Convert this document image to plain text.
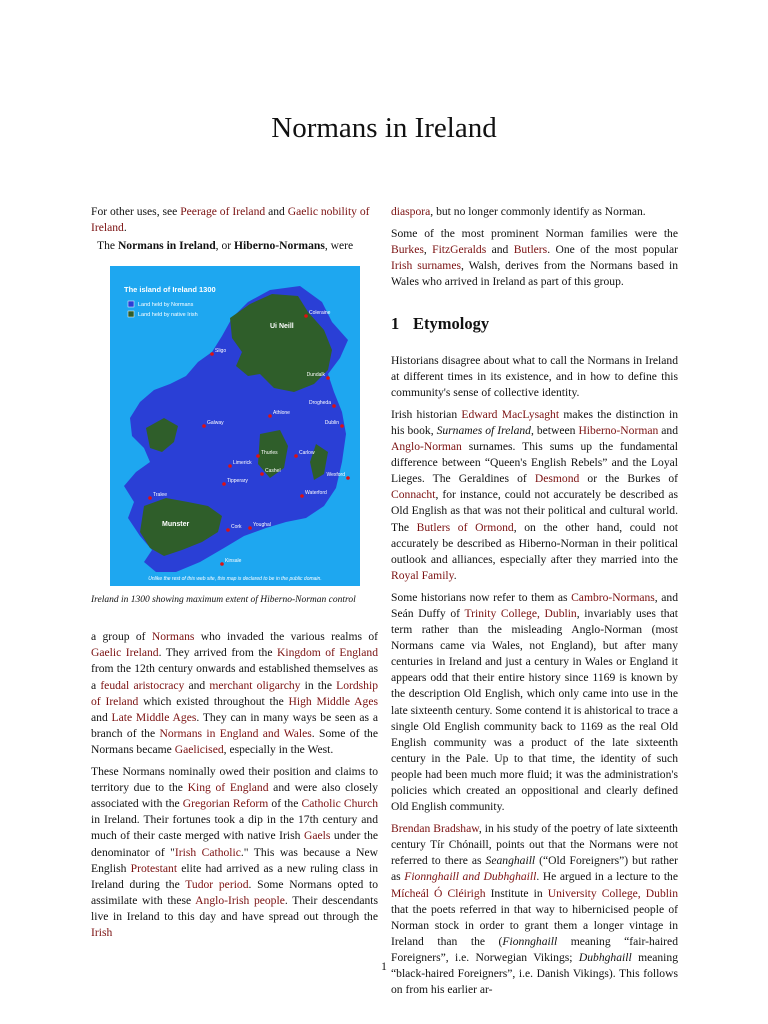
Normans in Ireland

For other uses, see Peerage of Ireland and Gaelic nobility of Ireland.

The Normans in Ireland, or Hiberno-Normans, were

The island of Ireland 1300
Land held by Normans
Land held by native Irish
Ui Neill
Munster
Coleraine
Sligo
Dundalk
Drogheda
Athlone
Dublin
Galway
Thurles	Carlow
Limerick
Cashel
Tipperary
Wexford
Tralee	Waterford
Youghal
Cork
Kinsale
Unlike the rest of this web site, this map is declared to be in the public domain.

Ireland in 1300 showing maximum extent of Hiberno-Norman control

a group of Normans who invaded the various realms of Gaelic Ireland. They arrived from the Kingdom of England from the 12th century onwards and established themselves as a feudal aristocracy and merchant oligarchy in the Lordship of Ireland which existed throughout the High Middle Ages and Late Middle Ages. They can in many ways be seen as a branch of the Normans in England and Wales. Some of the Normans became Gaelicised, especially in the West.

These Normans nominally owed their position and claims to territory due to the King of England and were also closely associated with the Gregorian Reform of the Catholic Church in Ireland. Their fortunes took a dip in the 17th century and much of their caste merged with native Irish Gaels under the denominator of "Irish Catholic." This was because a New English Protestant elite had arrived as a new ruling class in Ireland during the Tudor period. Some Normans opted to assimilate with these Anglo-Irish people. Their descendants live in Ireland to this day and have spread out through the Irish

diaspora, but no longer commonly identify as Norman.

Some of the most prominent Norman families were the Burkes, FitzGeralds and Butlers. One of the most popular Irish surnames, Walsh, derives from the Normans based in Wales who arrived in Ireland as part of this group.

1 Etymology

Historians disagree about what to call the Normans in Ireland at different times in its existence, and in how to define this community's sense of collective identity.

Irish historian Edward MacLysaght makes the distinction in his book, Surnames of Ireland, between Hiberno-Norman and Anglo-Norman surnames. This sums up the fundamental difference between “Queen's English Rebels” and the Loyal Lieges. The Geraldines of Desmond or the Burkes of Connacht, for instance, could not accurately be described as Old English as that was not their political and cultural world. The Butlers of Ormond, on the other hand, could not accurately be described as Hiberno-Norman in their political outlook and alliances, especially after they married into the Royal Family.

Some historians now refer to them as Cambro-Normans, and Seán Duffy of Trinity College, Dublin, invariably uses that term rather than the misleading Anglo-Norman (most Normans came via Wales, not England), but after many centuries in Ireland and just a century in Wales or England it appears odd that their entire history since 1169 is known by the description Old English, which only came into use in the late sixteenth century. Some contend it is ahistorical to trace a single Old English community back to 1169 as the real Old English community was a product of the late sixteenth century in the Pale. Up to that time, the identity of such people had been much more fluid; it was the administration's policies which created an oppositional and clearly defined Old English community.

Brendan Bradshaw, in his study of the poetry of late sixteenth century Tír Chónaill, points out that the Normans were not referred to there as Seanghaill (“Old Foreigners”) but rather as Fionnghaill and Dubhghaill. He argued in a lecture to the Mícheál Ó Cléirigh Institute in University College, Dublin that the poets referred in that way to hibernicised people of Norman stock in order to grant them a longer vintage in Ireland than the (Fionnghaill meaning “fair-haired Foreigners”, i.e. Norwegian Vikings; Dubhghaill meaning “black-haired Foreigners”, i.e. Danish Vikings). This follows on from his earlier ar-

1
